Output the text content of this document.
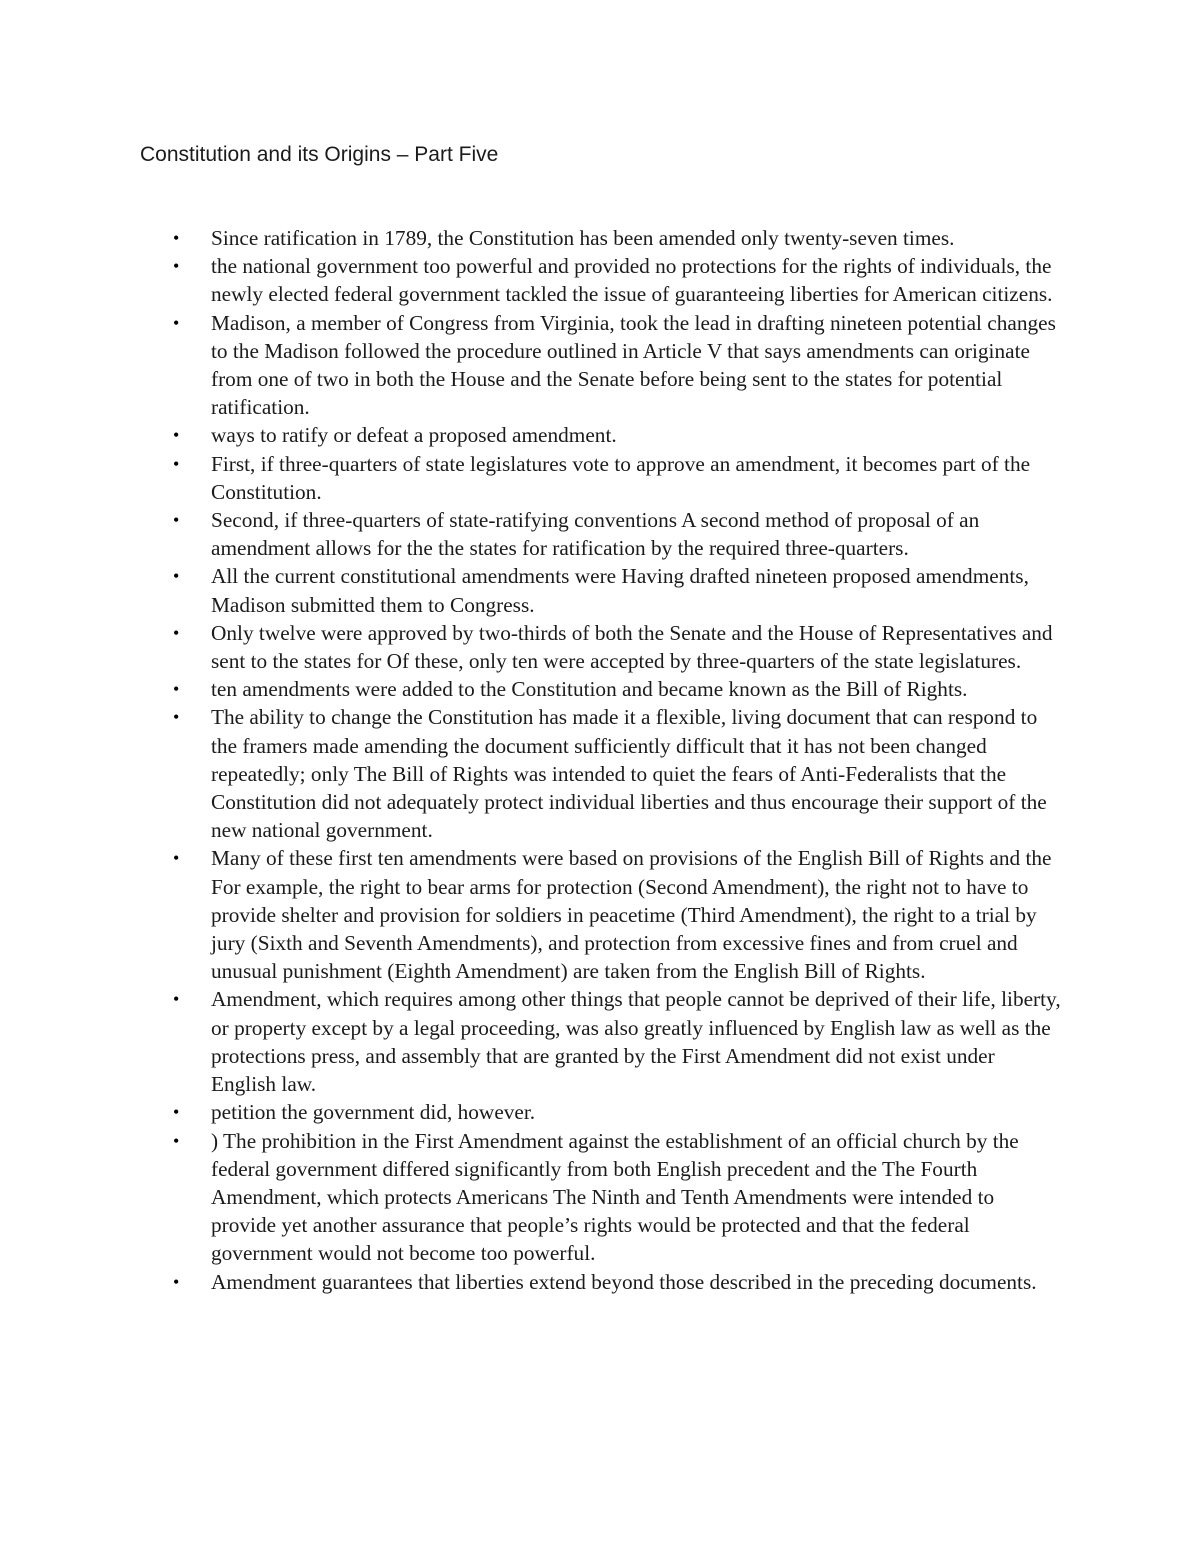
Constitution and its Origins – Part Five
• Since ratification in 1789, the Constitution has been amended only twenty-seven times.
• the national government too powerful and provided no protections for the rights of individuals, the newly elected federal government tackled the issue of guaranteeing liberties for American citizens.
• Madison, a member of Congress from Virginia, took the lead in drafting nineteen potential changes to the Madison followed the procedure outlined in Article V that says amendments can originate from one of two in both the House and the Senate before being sent to the states for potential ratification.
• ways to ratify or defeat a proposed amendment.
• First, if three-quarters of state legislatures vote to approve an amendment, it becomes part of the Constitution.
• Second, if three-quarters of state-ratifying conventions A second method of proposal of an amendment allows for the the states for ratification by the required three-quarters.
• All the current constitutional amendments were Having drafted nineteen proposed amendments, Madison submitted them to Congress.
• Only twelve were approved by two-thirds of both the Senate and the House of Representatives and sent to the states for Of these, only ten were accepted by three-quarters of the state legislatures.
• ten amendments were added to the Constitution and became known as the Bill of Rights.
• The ability to change the Constitution has made it a flexible, living document that can respond to the framers made amending the document sufficiently difficult that it has not been changed repeatedly; only The Bill of Rights was intended to quiet the fears of Anti-Federalists that the Constitution did not adequately protect individual liberties and thus encourage their support of the new national government.
• Many of these first ten amendments were based on provisions of the English Bill of Rights and the For example, the right to bear arms for protection (Second Amendment), the right not to have to provide shelter and provision for soldiers in peacetime (Third Amendment), the right to a trial by jury (Sixth and Seventh Amendments), and protection from excessive fines and from cruel and unusual punishment (Eighth Amendment) are taken from the English Bill of Rights.
• Amendment, which requires among other things that people cannot be deprived of their life, liberty, or property except by a legal proceeding, was also greatly influenced by English law as well as the protections press, and assembly that are granted by the First Amendment did not exist under English law.
• petition the government did, however.
• ) The prohibition in the First Amendment against the establishment of an official church by the federal government differed significantly from both English precedent and the The Fourth Amendment, which protects Americans The Ninth and Tenth Amendments were intended to provide yet another assurance that people’s rights would be protected and that the federal government would not become too powerful.
• Amendment guarantees that liberties extend beyond those described in the preceding documents.
